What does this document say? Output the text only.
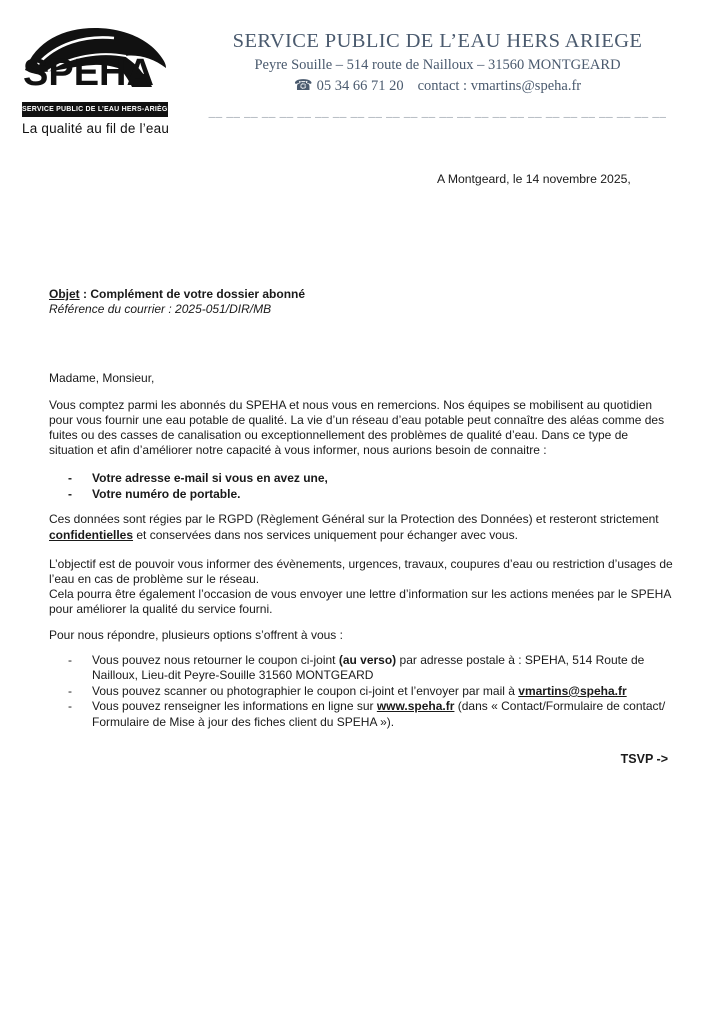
SPEHA
SERVICE PUBLIC DE L’EAU HERS-ARIÈGE
La qualité au fil de l’eau
SERVICE PUBLIC DE L’EAU HERS ARIEGE
Peyre Souille – 514 route de Nailloux – 31560 MONTGEARD
☎ 05 34 66 71 20 contact : vmartins@speha.fr
__ __ __ __ __ __ __ __ __ __ __ __ __ __ __ __ __ __ __ __ __ __ __ __ __ __
A Montgeard, le 14 novembre 2025,

Objet : Complément de votre dossier abonné

Référence du courrier : 2025-051/DIR/MB

Madame, Monsieur,

Vous comptez parmi les abonnés du SPEHA et nous vous en remercions. Nos équipes se mobilisent au quotidien pour vous fournir une eau potable de qualité. La vie d’un réseau d’eau potable peut connaître des aléas comme des fuites ou des casses de canalisation ou exceptionnellement des problèmes de qualité d’eau. Dans ce type de situation et afin d’améliorer notre capacité à vous informer, nous aurions besoin de connaitre :

-	Votre adresse e-mail si vous en avez une,
-	Votre numéro de portable.

Ces données sont régies par le RGPD (Règlement Général sur la Protection des Données) et resteront strictement confidentielles et conservées dans nos services uniquement pour échanger avec vous.

L’objectif est de pouvoir vous informer des évènements, urgences, travaux, coupures d’eau ou restriction d’usages de l’eau en cas de problème sur le réseau.
Cela pourra être également l’occasion de vous envoyer une lettre d’information sur les actions menées par le SPEHA pour améliorer la qualité du service fourni.

Pour nous répondre, plusieurs options s’offrent à vous :

-	Vous pouvez nous retourner le coupon ci-joint (au verso) par adresse postale à : SPEHA, 514 Route de Nailloux, Lieu-dit Peyre-Souille 31560 MONTGEARD
-	Vous pouvez scanner ou photographier le coupon ci-joint et l’envoyer par mail à vmartins@speha.fr
-	Vous pouvez renseigner les informations en ligne sur www.speha.fr (dans « Contact/Formulaire de contact/ Formulaire de Mise à jour des fiches client du SPEHA »).

TSVP ->
